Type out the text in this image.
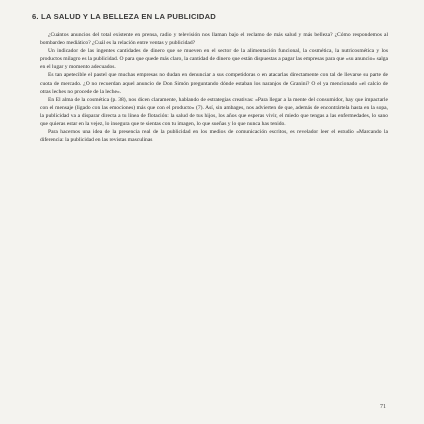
6. LA SALUD Y LA BELLEZA EN LA PUBLICIDAD

¿Cuántos anuncios del total existente en prensa, radio y televisión nos llaman bajo el reclamo de más salud y más belleza? ¿Cómo respondemos al bombardeo mediático? ¿Cuál es la relación entre ventas y publicidad?

Un indicador de las ingentes cantidades de dinero que se mueven en el sector de la alimentación funcional, la cosmética, la nutricosmética y los productos milagro es la publicidad. O para que quede más claro, la cantidad de dinero que están dispuestas a pagar las empresas para que «su anuncio» salga en el lugar y momento adecuados.

Es tan apetecible el pastel que muchas empresas no dudan en denunciar a sus competidoras o en atacarlas directamente con tal de llevarse su parte de cuota de mercado. ¿O no recuerdan aquel anuncio de Don Simón preguntando dónde estaban los naranjos de Granini? O el ya mencionado «el calcio de otras leches no procede de la leche».

En El alma de la cosmética (p. 38), nos dicen claramente, hablando de estrategias creativas: «Para llegar a la mente del consumidor, hay que impactarle con el mensaje (ligado con las emociones) más que con el producto» (7). Así, sin ambages, nos advierten de que, además de encontrártela hasta en la sopa, la publicidad va a disparar directa a tu línea de flotación: la salud de tus hijos, los años que esperas vivir, el miedo que tengas a las enfermedades, lo sano que quieras estar en la vejez, lo insegura que te sientas con tu imagen, lo que sueñas y lo que nunca has tenido.

Para hacernos una idea de la presencia real de la publicidad en los medios de comunicación escritos, es revelador leer el estudio «Marcando la diferencia: la publicidad en las revistas masculinas

71
